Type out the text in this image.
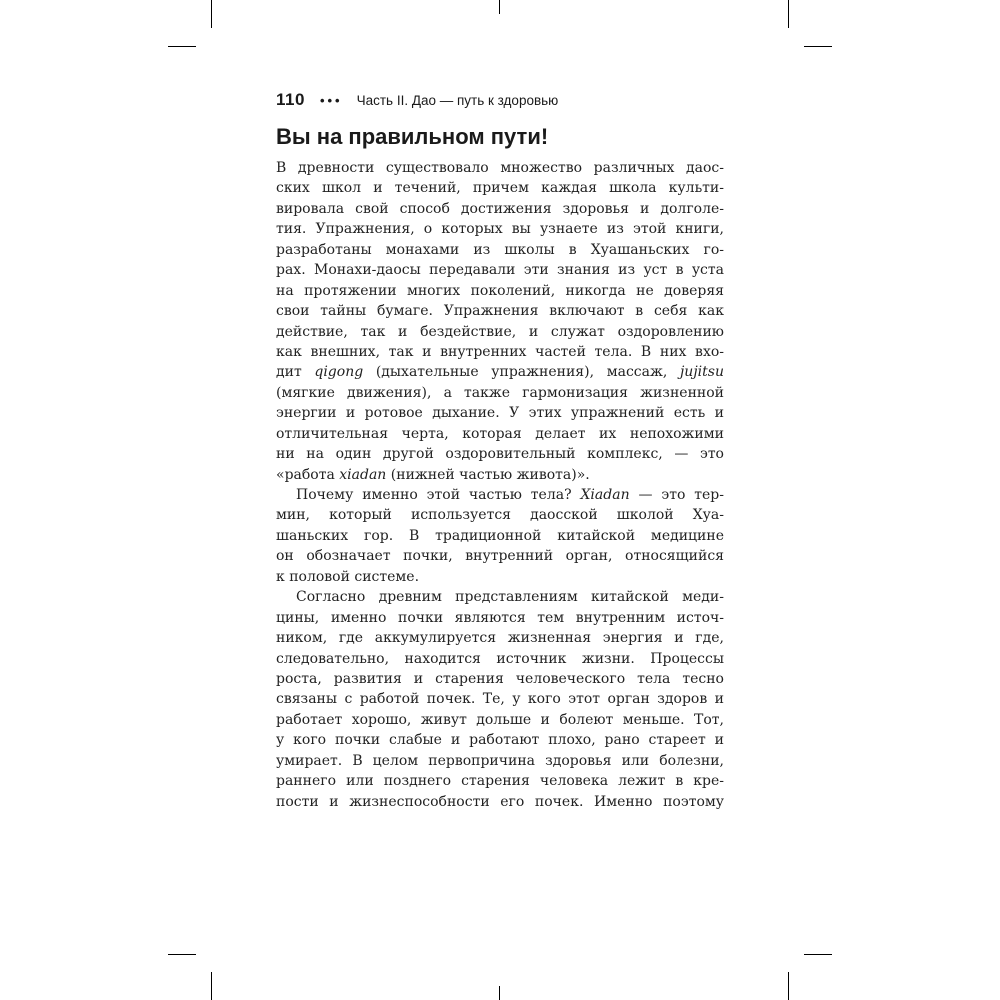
110 ••• Часть II. Дао — путь к здоровью
Вы на правильном пути!
В древности существовало множество различных даос-
ских школ и течений, причем каждая школа культи-
вировала свой способ достижения здоровья и долголе-
тия. Упражнения, о которых вы узнаете из этой книги,
разработаны монахами из школы в Хуашаньских го-
рах. Монахи-даосы передавали эти знания из уст в уста
на протяжении многих поколений, никогда не доверяя
свои тайны бумаге. Упражнения включают в себя как
действие, так и бездействие, и служат оздоровлению
как внешних, так и внутренних частей тела. В них вхо-
дит qigong (дыхательные упражнения), массаж, jujitsu
(мягкие движения), а также гармонизация жизненной
энергии и ротовое дыхание. У этих упражнений есть и
отличительная черта, которая делает их непохожими
ни на один другой оздоровительный комплекс, — это
«работа xiadan (нижней частью живота)».
Почему именно этой частью тела? Xiadan — это тер-
мин, который используется даосской школой Хуа-
шаньских гор. В традиционной китайской медицине
он обозначает почки, внутренний орган, относящийся
к половой системе.
Согласно древним представлениям китайской меди-
цины, именно почки являются тем внутренним источ-
ником, где аккумулируется жизненная энергия и где,
следовательно, находится источник жизни. Процессы
роста, развития и старения человеческого тела тесно
связаны с работой почек. Те, у кого этот орган здоров и
работает хорошо, живут дольше и болеют меньше. Тот,
у кого почки слабые и работают плохо, рано стареет и
умирает. В целом первопричина здоровья или болезни,
раннего или позднего старения человека лежит в кре-
пости и жизнеспособности его почек. Именно поэтому
